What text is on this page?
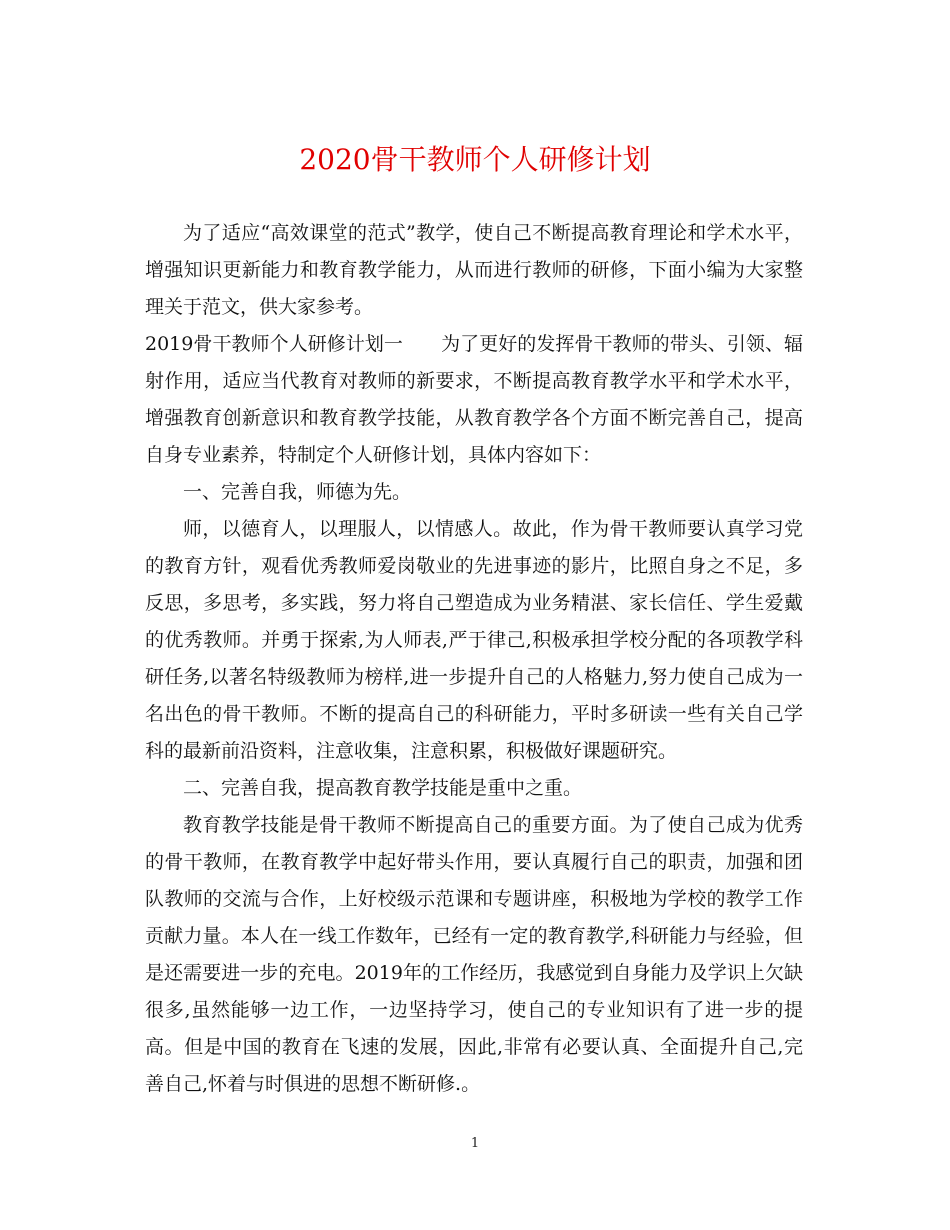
2020骨干教师个人研修计划

为了适应“高效课堂的范式”教学，使自己不断提高教育理论和学术水平，增强知识更新能力和教育教学能力，从而进行教师的研修，下面小编为大家整理关于范文，供大家参考。

2019骨干教师个人研修计划一　　为了更好的发挥骨干教师的带头、引领、辐射作用，适应当代教育对教师的新要求，不断提高教育教学水平和学术水平，增强教育创新意识和教育教学技能，从教育教学各个方面不断完善自己，提高自身专业素养，特制定个人研修计划，具体内容如下：

一、完善自我，师德为先。

师，以德育人，以理服人，以情感人。故此，作为骨干教师要认真学习党的教育方针，观看优秀教师爱岗敬业的先进事迹的影片，比照自身之不足，多反思，多思考，多实践，努力将自己塑造成为业务精湛、家长信任、学生爱戴的优秀教师。并勇于探索,为人师表,严于律己,积极承担学校分配的各项教学科研任务,以著名特级教师为榜样,进一步提升自己的人格魅力,努力使自己成为一名出色的骨干教师。不断的提高自己的科研能力，平时多研读一些有关自己学科的最新前沿资料，注意收集，注意积累，积极做好课题研究。

二、完善自我，提高教育教学技能是重中之重。

教育教学技能是骨干教师不断提高自己的重要方面。为了使自己成为优秀的骨干教师，在教育教学中起好带头作用，要认真履行自己的职责，加强和团队教师的交流与合作，上好校级示范课和专题讲座，积极地为学校的教学工作贡献力量。本人在一线工作数年，已经有一定的教育教学,科研能力与经验，但是还需要进一步的充电。2019年的工作经历，我感觉到自身能力及学识上欠缺很多,虽然能够一边工作，一边坚持学习，使自己的专业知识有了进一步的提高。但是中国的教育在飞速的发展，因此,非常有必要认真、全面提升自己,完善自己,怀着与时俱进的思想不断研修.。

1
